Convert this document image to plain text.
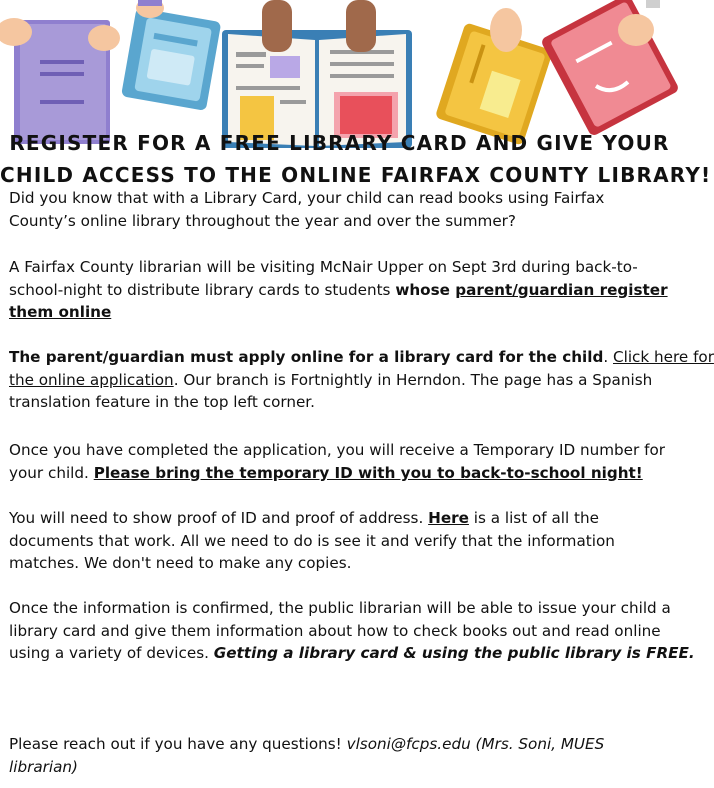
REGISTER FOR A FREE LIBRARY CARD AND GIVE YOUR
CHILD ACCESS TO THE ONLINE FAIRFAX COUNTY LIBRARY!

Did you know that with a Library Card, your child can read books using Fairfax

County’s online library throughout the year and over the summer?

A Fairfax County librarian will be visiting McNair Upper on Sept 3rd during back-to-

school-night to distribute library cards to students whose parent/guardian register

them online

The parent/guardian must apply online for a library card for the child. Click here for

the online application. Our branch is Fortnightly in Herndon. The page has a Spanish

translation feature in the top left corner.

Once you have completed the application, you will receive a Temporary ID number for

your child. Please bring the temporary ID with you to back-to-school night!

You will need to show proof of ID and proof of address. Here is a list of all the

documents that work. All we need to do is see it and verify that the information

matches. We don't need to make any copies.

Once the information is confirmed, the public librarian will be able to issue your child a

library card and give them information about how to check books out and read online

using a variety of devices. Getting a library card & using the public library is FREE.

Please reach out if you have any questions! vlsoni@fcps.edu (Mrs. Soni, MUES

librarian)
